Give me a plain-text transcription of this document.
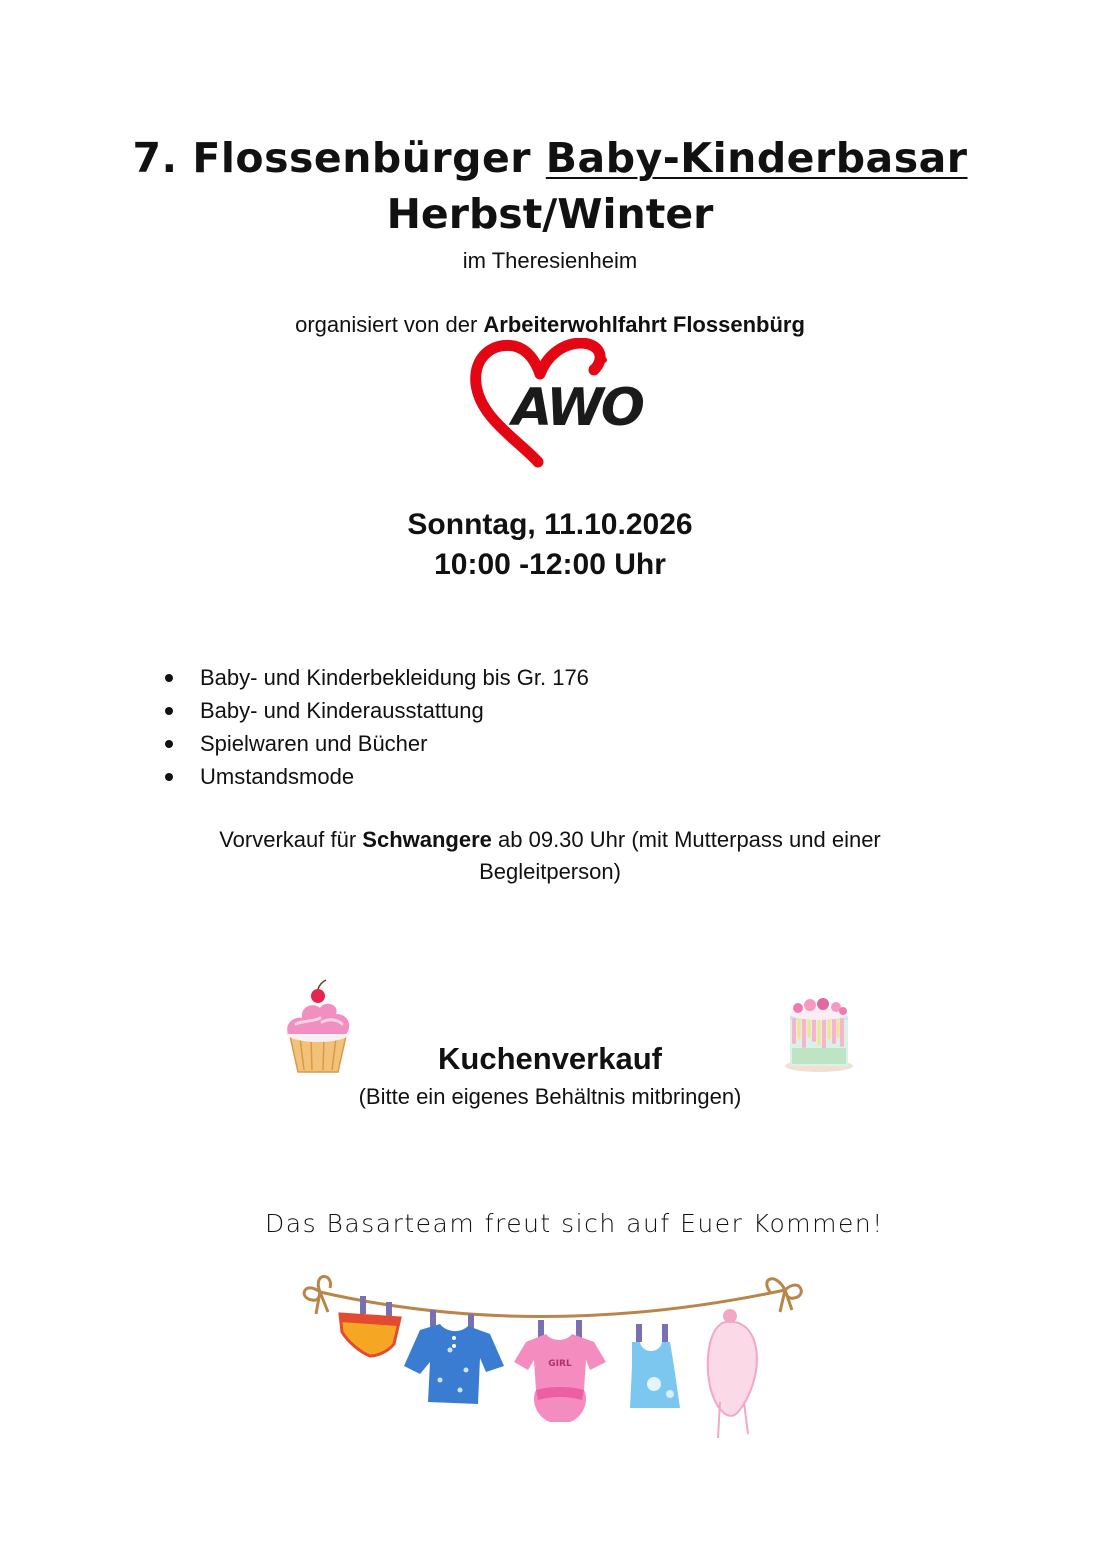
7. Flossenbürger Baby-Kinderbasar
Herbst/Winter
im Theresienheim
organisiert von der Arbeiterwohlfahrt Flossenbürg
AWO
Sonntag, 11.10.2026
10:00 -12:00 Uhr
Baby- und Kinderbekleidung bis Gr. 176
Baby- und Kinderausstattung
Spielwaren und Bücher
Umstandsmode
Vorverkauf für Schwangere ab 09.30 Uhr (mit Mutterpass und einer
Begleitperson)
Kuchenverkauf
(Bitte ein eigenes Behältnis mitbringen)
Das Basarteam freut sich auf Euer Kommen!
GIRL
